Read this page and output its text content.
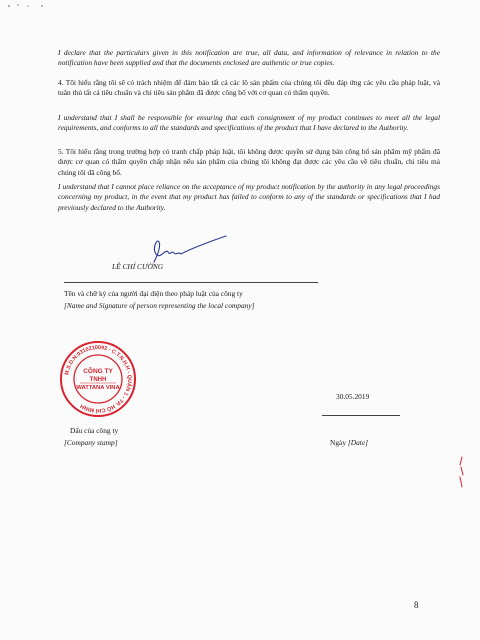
I declare that the particulars given in this notification are true, all data, and information of relevance in relation to the notification have been supplied and that the documents enclosed are authentic or true copies.
4. Tôi hiểu rằng tôi sẽ có trách nhiệm để đảm bảo tất cả các lô sản phẩm của chúng tôi đều đáp ứng các yêu cầu pháp luật, và tuân thủ tất cả tiêu chuẩn và chỉ tiêu sản phẩm đã được công bố với cơ quan có thẩm quyền.
I understand that I shall be responsible for ensuring that each consignment of my product continues to meet all the legal requirements, and conforms to all the standards and specifications of the product that I have declared to the Authority.
5. Tôi hiểu rằng trong trường hợp có tranh chấp pháp luật, tôi không được quyền sử dụng bản công bố sản phẩm mỹ phẩm đã được cơ quan có thẩm quyền chấp nhận nếu sản phẩm của chúng tôi không đạt được các yêu cầu về tiêu chuẩn, chỉ tiêu mà chúng tôi đã công bố.
I understand that I cannot place reliance on the acceptance of my product notification by the authority in any legal proceedings concerning my product, in the event that my product has failed to conform to any of the standards or specifications that I had previously declared to the Authority.
LÊ CHÍ CƯỜNG
Tên và chữ ký của người đại diện theo pháp luật của công ty
[Name and Signature of person representing the local company]
M.S.D.N:0310210092 - C.T.N.H.H - QUẬN 1 - TP. HỒ CHÍ MINH
CÔNG TY
TNHH
WATTANA VINA
Dấu của công ty
[Company stamp]
30.05.2019
Ngày [Date]
8
